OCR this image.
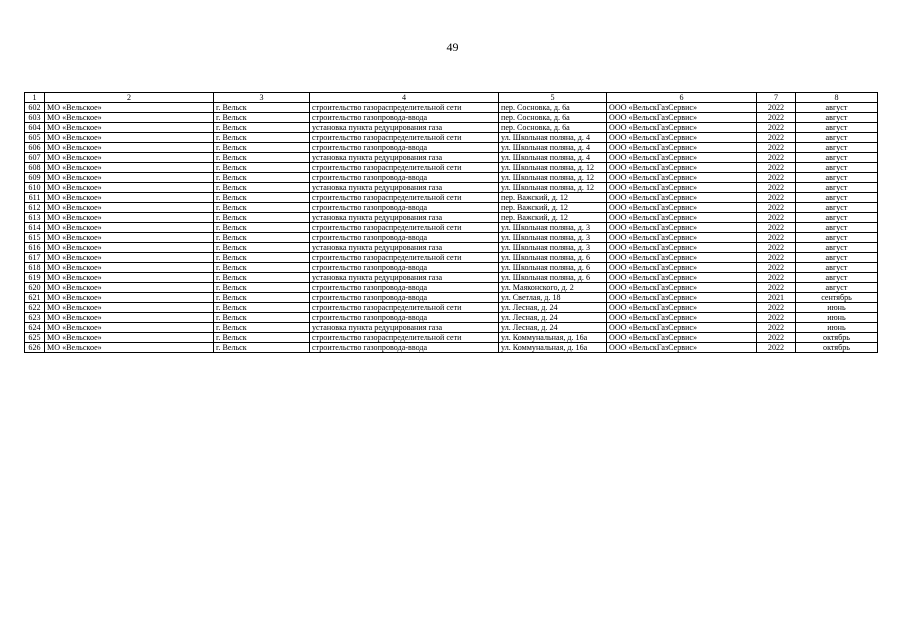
49
1	2	3	4	5	6	7	8
602	МО «Вельское»	г. Вельск	строительство газораспределительной сети	пер. Сосновка, д. 6а	ООО «ВельскГазСервис»	2022	август
603	МО «Вельское»	г. Вельск	строительство газопровода-ввода	пер. Сосновка, д. 6а	ООО «ВельскГазСервис»	2022	август
604	МО «Вельское»	г. Вельск	установка пункта редуцирования газа	пер. Сосновка, д. 6а	ООО «ВельскГазСервис»	2022	август
605	МО «Вельское»	г. Вельск	строительство газораспределительной сети	ул. Школьная поляна, д. 4	ООО «ВельскГазСервис»	2022	август
606	МО «Вельское»	г. Вельск	строительство газопровода-ввода	ул. Школьная поляна, д. 4	ООО «ВельскГазСервис»	2022	август
607	МО «Вельское»	г. Вельск	установка пункта редуцирования газа	ул. Школьная поляна, д. 4	ООО «ВельскГазСервис»	2022	август
608	МО «Вельское»	г. Вельск	строительство газораспределительной сети	ул. Школьная поляна, д. 12	ООО «ВельскГазСервис»	2022	август
609	МО «Вельское»	г. Вельск	строительство газопровода-ввода	ул. Школьная поляна, д. 12	ООО «ВельскГазСервис»	2022	август
610	МО «Вельское»	г. Вельск	установка пункта редуцирования газа	ул. Школьная поляна, д. 12	ООО «ВельскГазСервис»	2022	август
611	МО «Вельское»	г. Вельск	строительство газораспределительной сети	пер. Важский, д. 12	ООО «ВельскГазСервис»	2022	август
612	МО «Вельское»	г. Вельск	строительство газопровода-ввода	пер. Важский, д. 12	ООО «ВельскГазСервис»	2022	август
613	МО «Вельское»	г. Вельск	установка пункта редуцирования газа	пер. Важский, д. 12	ООО «ВельскГазСервис»	2022	август
614	МО «Вельское»	г. Вельск	строительство газораспределительной сети	ул. Школьная поляна, д. 3	ООО «ВельскГазСервис»	2022	август
615	МО «Вельское»	г. Вельск	строительство газопровода-ввода	ул. Школьная поляна, д. 3	ООО «ВельскГазСервис»	2022	август
616	МО «Вельское»	г. Вельск	установка пункта редуцирования газа	ул. Школьная поляна, д. 3	ООО «ВельскГазСервис»	2022	август
617	МО «Вельское»	г. Вельск	строительство газораспределительной сети	ул. Школьная поляна, д. 6	ООО «ВельскГазСервис»	2022	август
618	МО «Вельское»	г. Вельск	строительство газопровода-ввода	ул. Школьная поляна, д. 6	ООО «ВельскГазСервис»	2022	август
619	МО «Вельское»	г. Вельск	установка пункта редуцирования газа	ул. Школьная поляна, д. 6	ООО «ВельскГазСервис»	2022	август
620	МО «Вельское»	г. Вельск	строительство газопровода-ввода	ул. Маяконского, д. 2	ООО «ВельскГазСервис»	2022	август
621	МО «Вельское»	г. Вельск	строительство газопровода-ввода	ул. Светлая, д. 18	ООО «ВельскГазСервис»	2021	сентябрь
622	МО «Вельское»	г. Вельск	строительство газораспределительной сети	ул. Лесная, д. 24	ООО «ВельскГазСервис»	2022	июнь
623	МО «Вельское»	г. Вельск	строительство газопровода-ввода	ул. Лесная, д. 24	ООО «ВельскГазСервис»	2022	июнь
624	МО «Вельское»	г. Вельск	установка пункта редуцирования газа	ул. Лесная, д. 24	ООО «ВельскГазСервис»	2022	июнь
625	МО «Вельское»	г. Вельск	строительство газораспределительной сети	ул. Коммунальная, д. 16а	ООО «ВельскГазСервис»	2022	октябрь
626	МО «Вельское»	г. Вельск	строительство газопровода-ввода	ул. Коммунальная, д. 16а	ООО «ВельскГазСервис»	2022	октябрь
